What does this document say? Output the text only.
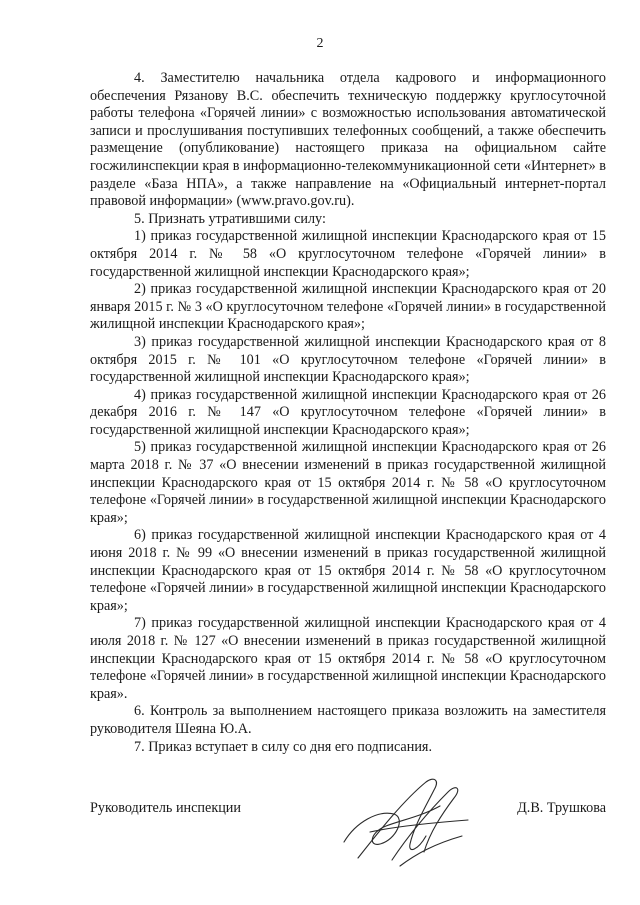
2

4. Заместителю начальника отдела кадрового и информационного обеспечения Рязанову В.С. обеспечить техническую поддержку круглосуточной работы телефона «Горячей линии» с возможностью использования автоматической записи и прослушивания поступивших телефонных сообщений, а также обеспечить размещение (опубликование) настоящего приказа на официальном сайте госжилинспекции края в информационно-телекоммуникационной сети «Интернет» в разделе «База НПА», а также направление на «Официальный интернет-портал правовой информации» (www.pravo.gov.ru).

5. Признать утратившими силу:

1) приказ государственной жилищной инспекции Краснодарского края от 15 октября 2014 г. № 58 «О круглосуточном телефоне «Горячей линии» в государственной жилищной инспекции Краснодарского края»;

2) приказ государственной жилищной инспекции Краснодарского края от 20 января 2015 г. № 3 «О круглосуточном телефоне «Горячей линии» в государственной жилищной инспекции Краснодарского края»;

3) приказ государственной жилищной инспекции Краснодарского края от 8 октября 2015 г. № 101 «О круглосуточном телефоне «Горячей линии» в государственной жилищной инспекции Краснодарского края»;

4) приказ государственной жилищной инспекции Краснодарского края от 26 декабря 2016 г. № 147 «О круглосуточном телефоне «Горячей линии» в государственной жилищной инспекции Краснодарского края»;

5) приказ государственной жилищной инспекции Краснодарского края от 26 марта 2018 г. № 37 «О внесении изменений в приказ государственной жилищной инспекции Краснодарского края от 15 октября 2014 г. № 58 «О круглосуточном телефоне «Горячей линии» в государственной жилищной инспекции Краснодарского края»;

6) приказ государственной жилищной инспекции Краснодарского края от 4 июня 2018 г. № 99 «О внесении изменений в приказ государственной жилищной инспекции Краснодарского края от 15 октября 2014 г. № 58 «О круглосуточном телефоне «Горячей линии» в государственной жилищной инспекции Краснодарского края»;

7) приказ государственной жилищной инспекции Краснодарского края от 4 июля 2018 г. № 127 «О внесении изменений в приказ государственной жилищной инспекции Краснодарского края от 15 октября 2014 г. № 58 «О круглосуточном телефоне «Горячей линии» в государственной жилищной инспекции Краснодарского края».

6. Контроль за выполнением настоящего приказа возложить на заместителя руководителя Шеяна Ю.А.

7. Приказ вступает в силу со дня его подписания.

Руководитель инспекции	Д.В. Трушкова
